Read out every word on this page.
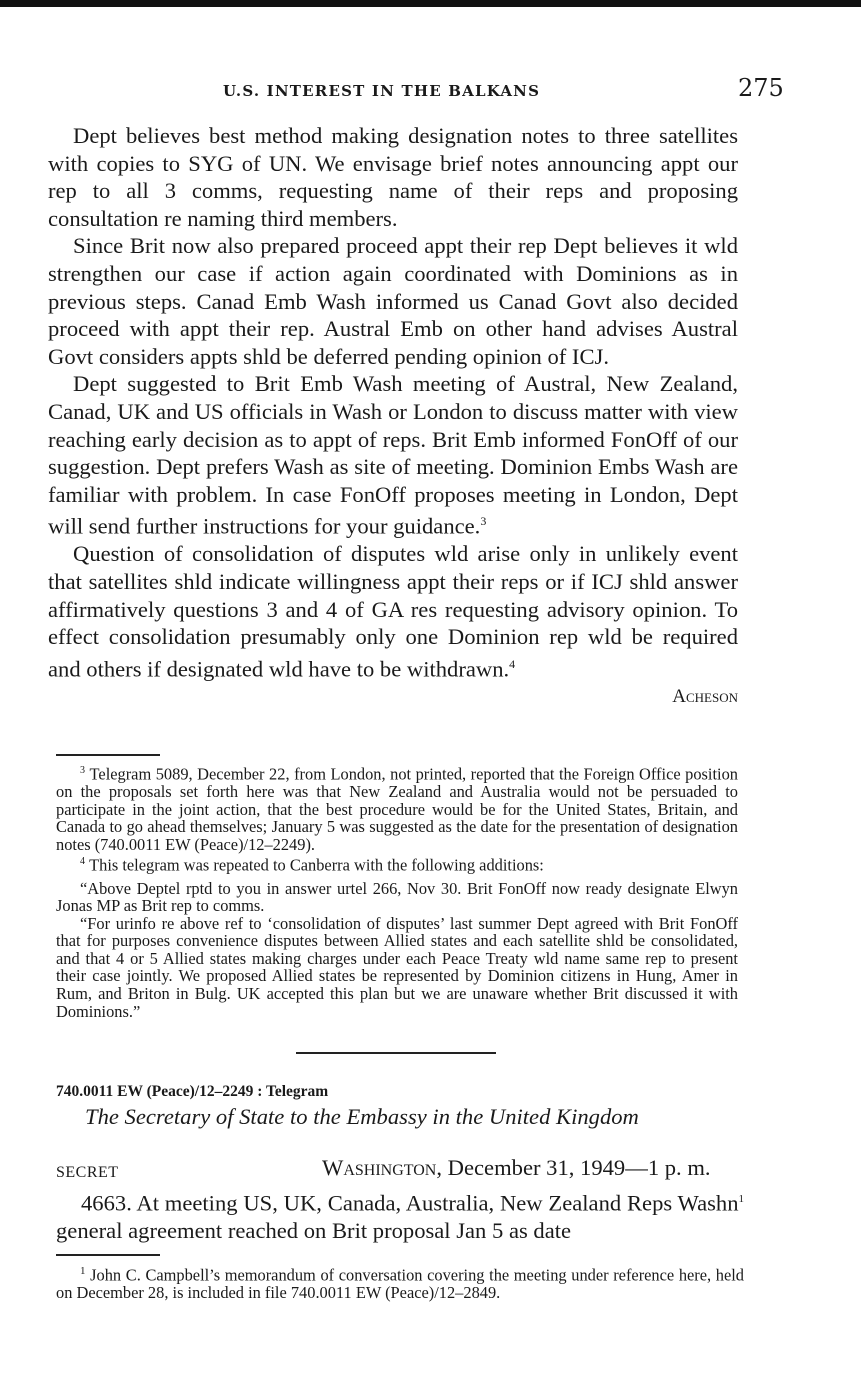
U.S. INTEREST IN THE BALKANS	275

Dept believes best method making designation notes to three satellites with copies to SYG of UN. We envisage brief notes announcing appt our rep to all 3 comms, requesting name of their reps and proposing consultation re naming third members.

Since Brit now also prepared proceed appt their rep Dept believes it wld strengthen our case if action again coordinated with Dominions as in previous steps. Canad Emb Wash informed us Canad Govt also decided proceed with appt their rep. Austral Emb on other hand advises Austral Govt considers appts shld be deferred pending opinion of ICJ.

Dept suggested to Brit Emb Wash meeting of Austral, New Zealand, Canad, UK and US officials in Wash or London to discuss matter with view reaching early decision as to appt of reps. Brit Emb informed FonOff of our suggestion. Dept prefers Wash as site of meeting. Dominion Embs Wash are familiar with problem. In case FonOff proposes meeting in London, Dept will send further instructions for your guidance.$^3$

Question of consolidation of disputes wld arise only in unlikely event that satellites shld indicate willingness appt their reps or if ICJ shld answer affirmatively questions 3 and 4 of GA res requesting advisory opinion. To effect consolidation presumably only one Dominion rep wld be required and others if designated wld have to be withdrawn.$^4$

Acheson

$^3$ Telegram 5089, December 22, from London, not printed, reported that the Foreign Office position on the proposals set forth here was that New Zealand and Australia would not be persuaded to participate in the joint action, that the best procedure would be for the United States, Britain, and Canada to go ahead themselves; January 5 was suggested as the date for the presentation of designation notes (740.0011 EW (Peace)/12–2249).

$^4$ This telegram was repeated to Canberra with the following additions:

“Above Deptel rptd to you in answer urtel 266, Nov 30. Brit FonOff now ready designate Elwyn Jonas MP as Brit rep to comms.

“For urinfo re above ref to ‘consolidation of disputes’ last summer Dept agreed with Brit FonOff that for purposes convenience disputes between Allied states and each satellite shld be consolidated, and that 4 or 5 Allied states making charges under each Peace Treaty wld name same rep to present their case jointly. We proposed Allied states be represented by Dominion citizens in Hung, Amer in Rum, and Briton in Bulg. UK accepted this plan but we are unaware whether Brit discussed it with Dominions.”

740.0011 EW (Peace)/12–2249 : Telegram
The Secretary of State to the Embassy in the United Kingdom
SECRET	Washington, December 31, 1949—1 p. m.

4663. At meeting US, UK, Canada, Australia, New Zealand Reps Washn$^1$ general agreement reached on Brit proposal Jan 5 as date

$^1$ John C. Campbell’s memorandum of conversation covering the meeting under reference here, held on December 28, is included in file 740.0011 EW (Peace)/12–2849.
